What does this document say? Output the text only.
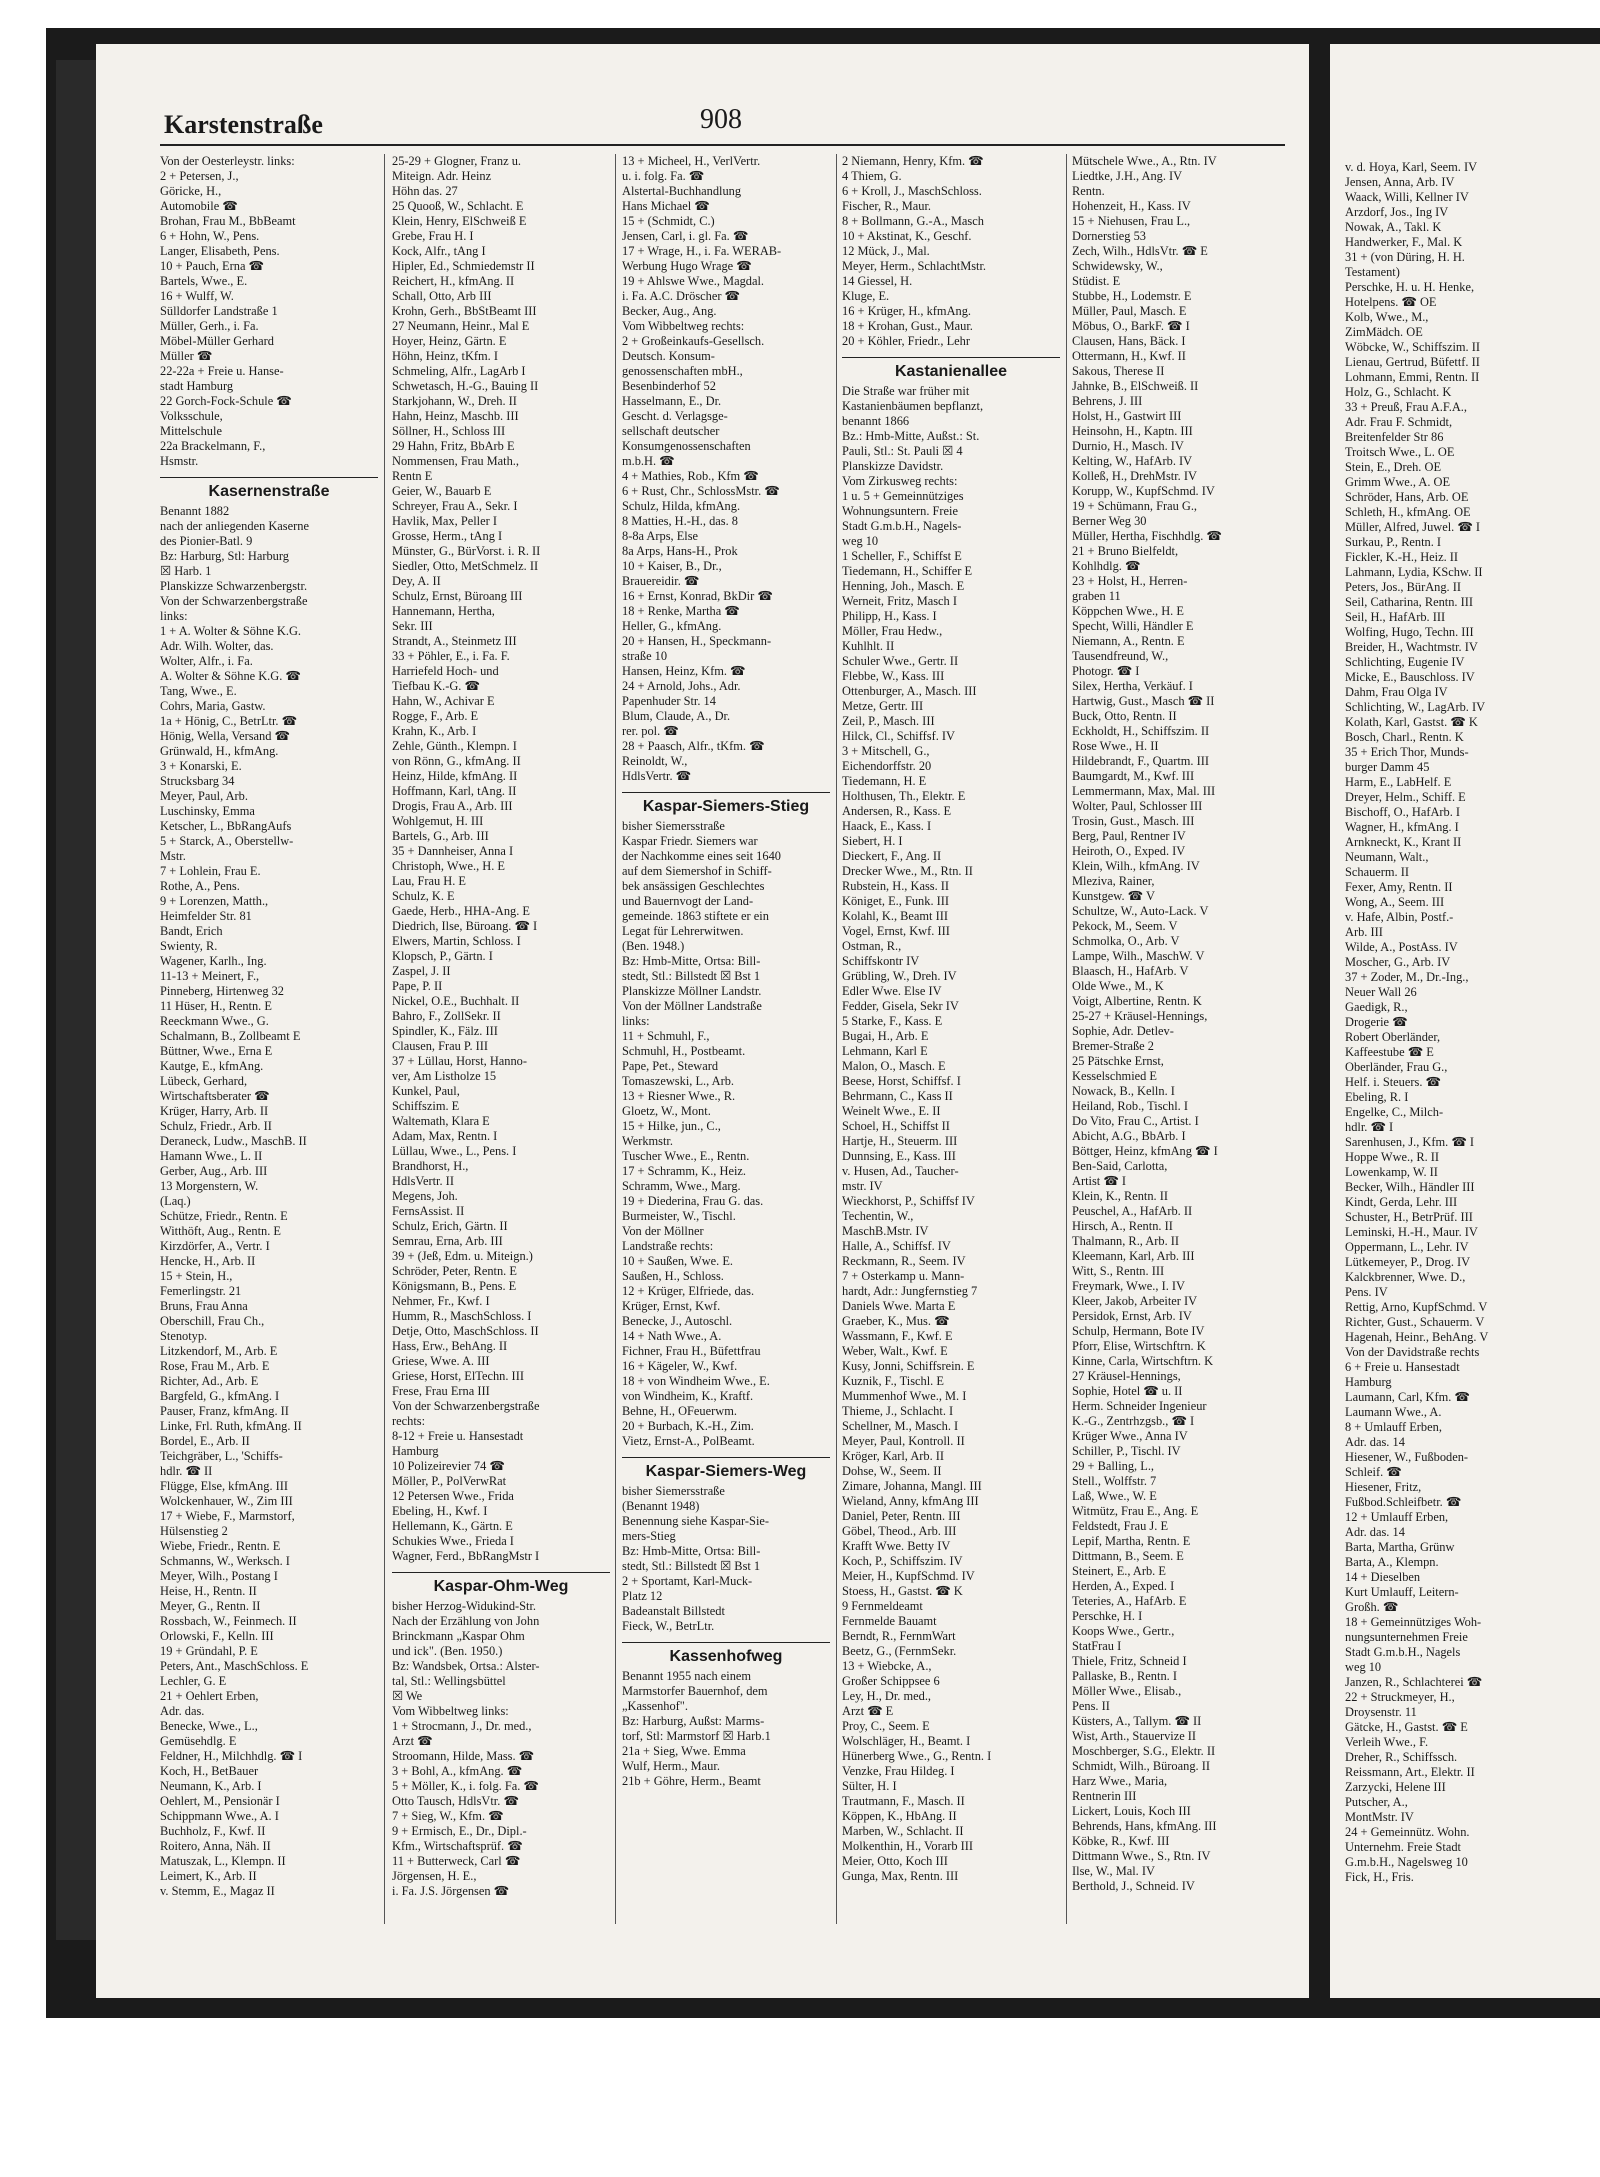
Karstenstraße	908
Von der Oesterleystr. links:
2 + Petersen, J.,
Göricke, H.,
Automobile ☎
Brohan, Frau M., BbBeamt
6 + Hohn, W., Pens.
Langer, Elisabeth, Pens.
10 + Pauch, Erna ☎
Bartels, Wwe., E.
16 + Wulff, W.
Sülldorfer Landstraße 1
Müller, Gerh., i. Fa.
Möbel-Müller Gerhard
Müller ☎
22-22a + Freie u. Hanse-
stadt Hamburg
22 Gorch-Fock-Schule ☎
Volksschule,
Mittelschule
22a Brackelmann, F.,
Hsmstr.
Kasernenstraße
Benannt 1882
nach der anliegenden Kaserne
des Pionier-Batl. 9
Bz: Harburg, Stl: Harburg
☒ Harb. 1
Planskizze Schwarzenbergstr.
Von der Schwarzenbergstraße
links:
1 + A. Wolter & Söhne K.G.
Adr. Wilh. Wolter, das.
Wolter, Alfr., i. Fa.
A. Wolter & Söhne K.G. ☎
Tang, Wwe., E.
Cohrs, Maria, Gastw.
1a + Hönig, C., BetrLtr. ☎
Hönig, Wella, Versand ☎
Grünwald, H., kfmAng.
3 + Konarski, E.
Strucksbarg 34
Meyer, Paul, Arb.
Luschinsky, Emma
Ketscher, L., BbRangAufs
5 + Starck, A., Oberstellw-
Mstr.
7 + Lohlein, Frau E.
Rothe, A., Pens.
9 + Lorenzen, Matth.,
Heimfelder Str. 81
Bandt, Erich
Swienty, R.
Wagener, Karlh., Ing.
11-13 + Meinert, F.,
Pinneberg, Hirtenweg 32
11 Hüser, H., Rentn. E
Reeckmann Wwe., G.
Schalmann, B., Zollbeamt E
Büttner, Wwe., Erna E
Kautge, E., kfmAng.
Lübeck, Gerhard,
Wirtschaftsberater ☎
Krüger, Harry, Arb. II
Schulz, Friedr., Arb. II
Deraneck, Ludw., MaschB. II
Hamann Wwe., L. II
Gerber, Aug., Arb. III
13 Morgenstern, W.
(Laq.)
Schütze, Friedr., Rentn. E
Witthöft, Aug., Rentn. E
Kirzdörfer, A., Vertr. I
Hencke, H., Arb. II
15 + Stein, H.,
Femerlingstr. 21
Bruns, Frau Anna
Oberschill, Frau Ch.,
Stenotyp.
Litzkendorf, M., Arb. E
Rose, Frau M., Arb. E
Richter, Ad., Arb. E
Bargfeld, G., kfmAng. I
Pauser, Franz, kfmAng. II
Linke, Frl. Ruth, kfmAng. II
Bordel, E., Arb. II
Teichgräber, L., 'Schiffs-
hdlr. ☎ II
Flügge, Else, kfmAng. III
Wolckenhauer, W., Zim III
17 + Wiebe, F., Marmstorf,
Hülsenstieg 2
Wiebe, Friedr., Rentn. E
Schmanns, W., Werksch. I
Meyer, Wilh., Postang I
Heise, H., Rentn. II
Meyer, G., Rentn. II
Rossbach, W., Feinmech. II
Orlowski, F., Kelln. III
19 + Gründahl, P. E
Peters, Ant., MaschSchloss. E
Lechler, G. E
21 + Oehlert Erben,
Adr. das.
Benecke, Wwe., L.,
Gemüsehdlg. E
Feldner, H., Milchhdlg. ☎ I
Koch, H., BetBauer
Neumann, K., Arb. I
Oehlert, M., Pensionär I
Schippmann Wwe., A. I
Buchholz, F., Kwf. II
Roitero, Anna, Näh. II
Matuszak, L., Klempn. II
Leimert, K., Arb. II
v. Stemm, E., Magaz II
25-29 + Glogner, Franz u.
Miteign. Adr. Heinz
Höhn das. 27
25 Quooß, W., Schlacht. E
Klein, Henry, ElSchweiß E
Grebe, Frau H. I
Kock, Alfr., tAng I
Hipler, Ed., Schmiedemstr II
Reichert, H., kfmAng. II
Schall, Otto, Arb III
Krohn, Gerh., BbStBeamt III
27 Neumann, Heinr., Mal E
Hoyer, Heinz, Gärtn. E
Höhn, Heinz, tKfm. I
Schmeling, Alfr., LagArb I
Schwetasch, H.-G., Bauing II
Starkjohann, W., Dreh. II
Hahn, Heinz, Maschb. III
Söllner, H., Schloss III
29 Hahn, Fritz, BbArb E
Nommensen, Frau Math.,
Rentn E
Geier, W., Bauarb E
Schreyer, Frau A., Sekr. I
Havlik, Max, Peller I
Grosse, Herm., tAng I
Münster, G., BürVorst. i. R. II
Siedler, Otto, MetSchmelz. II
Dey, A. II
Schulz, Ernst, Büroang III
Hannemann, Hertha,
Sekr. III
Strandt, A., Steinmetz III
33 + Pöhler, E., i. Fa. F.
Harriefeld Hoch- und
Tiefbau K.-G. ☎
Hahn, W., Achivar E
Rogge, F., Arb. E
Krahn, K., Arb. I
Zehle, Günth., Klempn. I
von Rönn, G., kfmAng. II
Heinz, Hilde, kfmAng. II
Hoffmann, Karl, tAng. II
Drogis, Frau A., Arb. III
Wohlgemut, H. III
Bartels, G., Arb. III
35 + Dannheiser, Anna I
Christoph, Wwe., H. E
Lau, Frau H. E
Schulz, K. E
Gaede, Herb., HHA-Ang. E
Diedrich, Ilse, Büroang. ☎ I
Elwers, Martin, Schloss. I
Klopsch, P., Gärtn. I
Zaspel, J. II
Pape, P. II
Nickel, O.E., Buchhalt. II
Bahro, F., ZollSekr. II
Spindler, K., Fälz. III
Clausen, Frau P. III
37 + Lüllau, Horst, Hanno-
ver, Am Listholze 15
Kunkel, Paul,
Schiffszim. E
Waltemath, Klara E
Adam, Max, Rentn. I
Lüllau, Wwe., L., Pens. I
Brandhorst, H.,
HdlsVertr. II
Megens, Joh.
FernsAssist. II
Schulz, Erich, Gärtn. II
Semrau, Erna, Arb. III
39 + (Jeß, Edm. u. Miteign.)
Schröder, Peter, Rentn. E
Königsmann, B., Pens. E
Nehmer, Fr., Kwf. I
Humm, R., MaschSchloss. I
Detje, Otto, MaschSchloss. II
Hass, Erw., BehAng. II
Griese, Wwe. A. III
Griese, Horst, ElTechn. III
Frese, Frau Erna III
Von der Schwarzenbergstraße
rechts:
8-12 + Freie u. Hansestadt
Hamburg
10 Polizeirevier 74 ☎
Möller, P., PolVerwRat
12 Petersen Wwe., Frida
Ebeling, H., Kwf. I
Hellemann, K., Gärtn. E
Schukies Wwe., Frieda I
Wagner, Ferd., BbRangMstr I
Kaspar-Ohm-Weg
bisher Herzog-Widukind-Str.
Nach der Erzählung von John
Brinckmann „Kaspar Ohm
und ick". (Ben. 1950.)
Bz: Wandsbek, Ortsa.: Alster-
tal, Stl.: Wellingsbüttel
☒ We
Vom Wibbeltweg links:
1 + Strocmann, J., Dr. med.,
Arzt ☎
Stroomann, Hilde, Mass. ☎
3 + Bohl, A., kfmAng. ☎
5 + Möller, K., i. folg. Fa. ☎
Otto Tausch, HdlsVtr. ☎
7 + Sieg, W., Kfm. ☎
9 + Ermisch, E., Dr., Dipl.-
Kfm., Wirtschaftsprüf. ☎
11 + Butterweck, Carl ☎
Jörgensen, H. E.,
i. Fa. J.S. Jörgensen ☎
13 + Micheel, H., VerlVertr.
u. i. folg. Fa. ☎
Alstertal-Buchhandlung
Hans Michael ☎
15 + (Schmidt, C.)
Jensen, Carl, i. gl. Fa. ☎
17 + Wrage, H., i. Fa. WERAB-
Werbung Hugo Wrage ☎
19 + Ahlswe Wwe., Magdal.
i. Fa. A.C. Dröscher ☎
Becker, Aug., Ang.
Vom Wibbeltweg rechts:
2 + Großeinkaufs-Gesellsch.
Deutsch. Konsum-
genossenschaften mbH.,
Besenbinderhof 52
Hasselmann, E., Dr.
Gescht. d. Verlagsge-
sellschaft deutscher
Konsumgenossenschaften
m.b.H. ☎
4 + Mathies, Rob., Kfm ☎
6 + Rust, Chr., SchlossMstr. ☎
Schulz, Hilda, kfmAng.
8 Matties, H.-H., das. 8
8-8a Arps, Else
8a Arps, Hans-H., Prok
10 + Kaiser, B., Dr.,
Brauereidir. ☎
16 + Ernst, Konrad, BkDir ☎
18 + Renke, Martha ☎
Heller, G., kfmAng.
20 + Hansen, H., Speckmann-
straße 10
Hansen, Heinz, Kfm. ☎
24 + Arnold, Johs., Adr.
Papenhuder Str. 14
Blum, Claude, A., Dr.
rer. pol. ☎
28 + Paasch, Alfr., tKfm. ☎
Reinoldt, W.,
HdlsVertr. ☎
Kaspar-Siemers-Stieg
bisher Siemersstraße
Kaspar Friedr. Siemers war
der Nachkomme eines seit 1640
auf dem Siemershof in Schiff-
bek ansässigen Geschlechtes
und Bauernvogt der Land-
gemeinde. 1863 stiftete er ein
Legat für Lehrerwitwen.
(Ben. 1948.)
Bz: Hmb-Mitte, Ortsa: Bill-
stedt, Stl.: Billstedt ☒ Bst 1
Planskizze Möllner Landstr.
Von der Möllner Landstraße
links:
11 + Schmuhl, F.,
Schmuhl, H., Postbeamt.
Pape, Pet., Steward
Tomaszewski, L., Arb.
13 + Riesner Wwe., R.
Gloetz, W., Mont.
15 + Hilke, jun., C.,
Werkmstr.
Tuscher Wwe., E., Rentn.
17 + Schramm, K., Heiz.
Schramm, Wwe., Marg.
19 + Diederina, Frau G. das.
Burmeister, W., Tischl.
Von der Möllner
Landstraße rechts:
10 + Saußen, Wwe. E.
Saußen, H., Schloss.
12 + Krüger, Elfriede, das.
Krüger, Ernst, Kwf.
Benecke, J., Autoschl.
14 + Nath Wwe., A.
Fichner, Frau H., Büfettfrau
16 + Kägeler, W., Kwf.
18 + von Windheim Wwe., E.
von Windheim, K., Kraftf.
Behne, H., OFeuerwm.
20 + Burbach, K.-H., Zim.
Vietz, Ernst-A., PolBeamt.
Kaspar-Siemers-Weg
bisher Siemersstraße
(Benannt 1948)
Benennung siehe Kaspar-Sie-
mers-Stieg
Bz: Hmb-Mitte, Ortsa: Bill-
stedt, Stl.: Billstedt ☒ Bst 1
2 + Sportamt, Karl-Muck-
Platz 12
Badeanstalt Billstedt
Fieck, W., BetrLtr.
Kassenhofweg
Benannt 1955 nach einem
Marmstorfer Bauernhof, dem
„Kassenhof".
Bz: Harburg, Außst: Marms-
torf, Stl: Marmstorf ☒ Harb.1
21a + Sieg, Wwe. Emma
Wulf, Herm., Maur.
21b + Göhre, Herm., Beamt
2 Niemann, Henry, Kfm. ☎
4 Thiem, G.
6 + Kroll, J., MaschSchloss.
Fischer, R., Maur.
8 + Bollmann, G.-A., Masch
10 + Akstinat, K., Geschf.
12 Mück, J., Mal.
Meyer, Herm., SchlachtMstr.
14 Giessel, H.
Kluge, E.
16 + Krüger, H., kfmAng.
18 + Krohan, Gust., Maur.
20 + Köhler, Friedr., Lehr
Kastanienallee
Die Straße war früher mit
Kastanienbäumen bepflanzt,
benannt 1866
Bz.: Hmb-Mitte, Außst.: St.
Pauli, Stl.: St. Pauli ☒ 4
Planskizze Davidstr.
Vom Zirkusweg rechts:
1 u. 5 + Gemeinnütziges
Wohnungsuntern. Freie
Stadt G.m.b.H., Nagels-
weg 10
1 Scheller, F., Schiffst E
Tiedemann, H., Schiffer E
Henning, Joh., Masch. E
Werneit, Fritz, Masch I
Philipp, H., Kass. I
Möller, Frau Hedw.,
Kuhlhlt. II
Schuler Wwe., Gertr. II
Flebbe, W., Kass. III
Ottenburger, A., Masch. III
Metze, Gertr. III
Zeil, P., Masch. III
Hilck, Cl., Schiffsf. IV
3 + Mitschell, G.,
Eichendorffstr. 20
Tiedemann, H. E
Holthusen, Th., Elektr. E
Andersen, R., Kass. E
Haack, E., Kass. I
Siebert, H. I
Dieckert, F., Ang. II
Drecker Wwe., M., Rtn. II
Rubstein, H., Kass. II
Königet, E., Funk. III
Kolahl, K., Beamt III
Vogel, Ernst, Kwf. III
Ostman, R.,
Schiffskontr IV
Grübling, W., Dreh. IV
Edler Wwe. Else IV
Fedder, Gisela, Sekr IV
5 Starke, F., Kass. E
Bugai, H., Arb. E
Lehmann, Karl E
Malon, O., Masch. E
Beese, Horst, Schiffsf. I
Behrmann, C., Kass II
Weinelt Wwe., E. II
Schoel, H., Schiffst II
Hartje, H., Steuerm. III
Dunnsing, E., Kass. III
v. Husen, Ad., Taucher-
mstr. IV
Wieckhorst, P., Schiffsf IV
Techentin, W.,
MaschB.Mstr. IV
Halle, A., Schiffsf. IV
Reckmann, R., Seem. IV
7 + Osterkamp u. Mann-
hardt, Adr.: Jungfernstieg 7
Daniels Wwe. Marta E
Graeber, K., Mus. ☎
Wassmann, F., Kwf. E
Weber, Walt., Kwf. E
Kusy, Jonni, Schiffsrein. E
Kuznik, F., Tischl. E
Mummenhof Wwe., M. I
Thieme, J., Schlacht. I
Schellner, M., Masch. I
Meyer, Paul, Kontroll. II
Kröger, Karl, Arb. II
Dohse, W., Seem. II
Zimare, Johanna, Mangl. III
Wieland, Anny, kfmAng III
Daniel, Peter, Rentn. III
Göbel, Theod., Arb. III
Krafft Wwe. Betty IV
Koch, P., Schiffszim. IV
Meier, H., KupfSchmd. IV
Stoess, H., Gastst. ☎ K
9 Fernmeldeamt
Fernmelde Bauamt
Berndt, R., FernmWart
Beetz, G., (FernmSekr.
13 + Wiebcke, A.,
Großer Schippsee 6
Ley, H., Dr. med.,
Arzt ☎ E
Proy, C., Seem. E
Wolschläger, H., Beamt. I
Hünerberg Wwe., G., Rentn. I
Venzke, Frau Hildeg. I
Sülter, H. I
Trautmann, F., Masch. II
Köppen, K., HbAng. II
Marben, W., Schlacht. II
Molkenthin, H., Vorarb III
Meier, Otto, Koch III
Gunga, Max, Rentn. III
Mütschele Wwe., A., Rtn. IV
Liedtke, J.H., Ang. IV
Rentn.
Hohenzeit, H., Kass. IV
15 + Niehusen, Frau L.,
Dornerstieg 53
Zech, Wilh., HdlsVtr. ☎ E
Schwidewsky, W.,
Stüdist. E
Stubbe, H., Lodemstr. E
Müller, Paul, Masch. E
Möbus, O., BarkF. ☎ I
Clausen, Hans, Bäck. I
Ottermann, H., Kwf. II
Sakous, Therese II
Jahnke, B., ElSchweiß. II
Behrens, J. III
Holst, H., Gastwirt III
Heinsohn, H., Kaptn. III
Durnio, H., Masch. IV
Kelting, W., HafArb. IV
Kolleß, H., DrehMstr. IV
Korupp, W., KupfSchmd. IV
19 + Schümann, Frau G.,
Berner Weg 30
Müller, Hertha, Fischhdlg. ☎
21 + Bruno Bielfeldt,
Kohlhdlg. ☎
23 + Holst, H., Herren-
graben 11
Köppchen Wwe., H. E
Specht, Willi, Händler E
Niemann, A., Rentn. E
Tausendfreund, W.,
Photogr. ☎ I
Silex, Hertha, Verkäuf. I
Hartwig, Gust., Masch ☎ II
Buck, Otto, Rentn. II
Eckholdt, H., Schiffszim. II
Rose Wwe., H. II
Hildebrandt, F., Quartm. III
Baumgardt, M., Kwf. III
Lemmermann, Max, Mal. III
Wolter, Paul, Schlosser III
Trosin, Gust., Masch. III
Berg, Paul, Rentner IV
Heiroth, O., Exped. IV
Klein, Wilh., kfmAng. IV
Mleziva, Rainer,
Kunstgew. ☎ V
Schultze, W., Auto-Lack. V
Pekock, M., Seem. V
Schmolka, O., Arb. V
Lampe, Wilh., MaschW. V
Blaasch, H., HafArb. V
Olde Wwe., M., K
Voigt, Albertine, Rentn. K
25-27 + Kräusel-Hennings,
Sophie, Adr. Detlev-
Bremer-Straße 2
25 Pätschke Ernst,
Kesselschmied E
Nowack, B., Kelln. I
Heiland, Rob., Tischl. I
Do Vito, Frau C., Artist. I
Abicht, A.G., BbArb. I
Böttger, Heinz, kfmAng ☎ I
Ben-Said, Carlotta,
Artist ☎ I
Klein, K., Rentn. II
Peuschel, A., HafArb. II
Hirsch, A., Rentn. II
Thalmann, R., Arb. II
Kleemann, Karl, Arb. III
Witt, S., Rentn. III
Freymark, Wwe., I. IV
Kleer, Jakob, Arbeiter IV
Persidok, Ernst, Arb. IV
Schulp, Hermann, Bote IV
Pforr, Elise, Wirtschftrn. K
Kinne, Carla, Wirtschftrn. K
27 Kräusel-Hennings,
Sophie, Hotel ☎ u. II
Herm. Schneider Ingenieur
K.-G., Zentrhzgsb., ☎ I
Krüger Wwe., Anna IV
Schiller, P., Tischl. IV
29 + Balling, L.,
Stell., Wolffstr. 7
Laß, Wwe., W. E
Witmütz, Frau E., Ang. E
Feldstedt, Frau J. E
Lepif, Martha, Rentn. E
Dittmann, B., Seem. E
Steinert, E., Arb. E
Herden, A., Exped. I
Teteries, A., HafArb. E
Perschke, H. I
Koops Wwe., Gertr.,
StatFrau I
Thiele, Fritz, Schneid I
Pallaske, B., Rentn. I
Möller Wwe., Elisab.,
Pens. II
Küsters, A., Tallym. ☎ II
Wist, Arth., Stauervize II
Moschberger, S.G., Elektr. II
Schmidt, Wilh., Büroang. II
Harz Wwe., Maria,
Rentnerin III
Lickert, Louis, Koch III
Behrends, Hans, kfmAng. III
Köbke, R., Kwf. III
Dittmann Wwe., S., Rtn. IV
Ilse, W., Mal. IV
Berthold, J., Schneid. IV
v. d. Hoya, Karl, Seem. IV
Jensen, Anna, Arb. IV
Waack, Willi, Kellner IV
Arzdorf, Jos., Ing IV
Nowak, A., Takl. K
Handwerker, F., Mal. K
31 + (von Düring, H. H.
Testament)
Perschke, H. u. H. Henke,
Hotelpens. ☎ OE
Kolb, Wwe., M.,
ZimMädch. OE
Wöbcke, W., Schiffszim. II
Lienau, Gertrud, Büfettf. II
Lohmann, Emmi, Rentn. II
Holz, G., Schlacht. K
33 + Preuß, Frau A.F.A.,
Adr. Frau F. Schmidt,
Breitenfelder Str 86
Troitsch Wwe., L. OE
Stein, E., Dreh. OE
Grimm Wwe., A. OE
Schröder, Hans, Arb. OE
Schleth, H., kfmAng. OE
Müller, Alfred, Juwel. ☎ I
Surkau, P., Rentn. I
Fickler, K.-H., Heiz. II
Lahmann, Lydia, KSchw. II
Peters, Jos., BürAng. II
Seil, Catharina, Rentn. III
Seil, H., HafArb. III
Wolfing, Hugo, Techn. III
Breider, H., Wachtmstr. IV
Schlichting, Eugenie IV
Micke, E., Bauschloss. IV
Dahm, Frau Olga IV
Schlichting, W., LagArb. IV
Kolath, Karl, Gastst. ☎ K
Bosch, Charl., Rentn. K
35 + Erich Thor, Munds-
burger Damm 45
Harm, E., LabHelf. E
Dreyer, Helm., Schiff. E
Bischoff, O., HafArb. I
Wagner, H., kfmAng. I
Arnkneckt, K., Krant II
Neumann, Walt.,
Schauerm. II
Fexer, Amy, Rentn. II
Wong, A., Seem. III
v. Hafe, Albin, Postf.-
Arb. III
Wilde, A., PostAss. IV
Moscher, G., Arb. IV
37 + Zoder, M., Dr.-Ing.,
Neuer Wall 26
Gaedigk, R.,
Drogerie ☎
Robert Oberländer,
Kaffeestube ☎ E
Oberländer, Frau G.,
Helf. i. Steuers. ☎
Ebeling, R. I
Engelke, C., Milch-
hdlr. ☎ I
Sarenhusen, J., Kfm. ☎ I
Hoppe Wwe., R. II
Lowenkamp, W. II
Becker, Wilh., Händler III
Kindt, Gerda, Lehr. III
Schuster, H., BetrPrüf. III
Leminski, H.-H., Maur. IV
Oppermann, L., Lehr. IV
Lütkemeyer, P., Drog. IV
Kalckbrenner, Wwe. D.,
Pens. IV
Rettig, Arno, KupfSchmd. V
Richter, Gust., Schauerm. V
Hagenah, Heinr., BehAng. V
Von der Davidstraße rechts
6 + Freie u. Hansestadt
Hamburg
Laumann, Carl, Kfm. ☎
Laumann Wwe., A.
8 + Umlauff Erben,
Adr. das. 14
Hiesener, W., Fußboden-
Schleif. ☎
Hiesener, Fritz,
Fußbod.Schleifbetr. ☎
12 + Umlauff Erben,
Adr. das. 14
Barta, Martha, Grünw
Barta, A., Klempn.
14 + Dieselben
Kurt Umlauff, Leitern-
Großh. ☎
18 + Gemeinnütziges Woh-
nungsunternehmen Freie
Stadt G.m.b.H., Nagels
weg 10
Janzen, R., Schlachterei ☎
22 + Struckmeyer, H.,
Droysenstr. 11
Gätcke, H., Gastst. ☎ E
Verleih Wwe., F.
Dreher, R., Schiffssch.
Reissmann, Art., Elektr. II
Zarzycki, Helene III
Putscher, A.,
MontMstr. IV
24 + Gemeinnütz. Wohn.
Unternehm. Freie Stadt
G.m.b.H., Nagelsweg 10
Fick, H., Fris.
